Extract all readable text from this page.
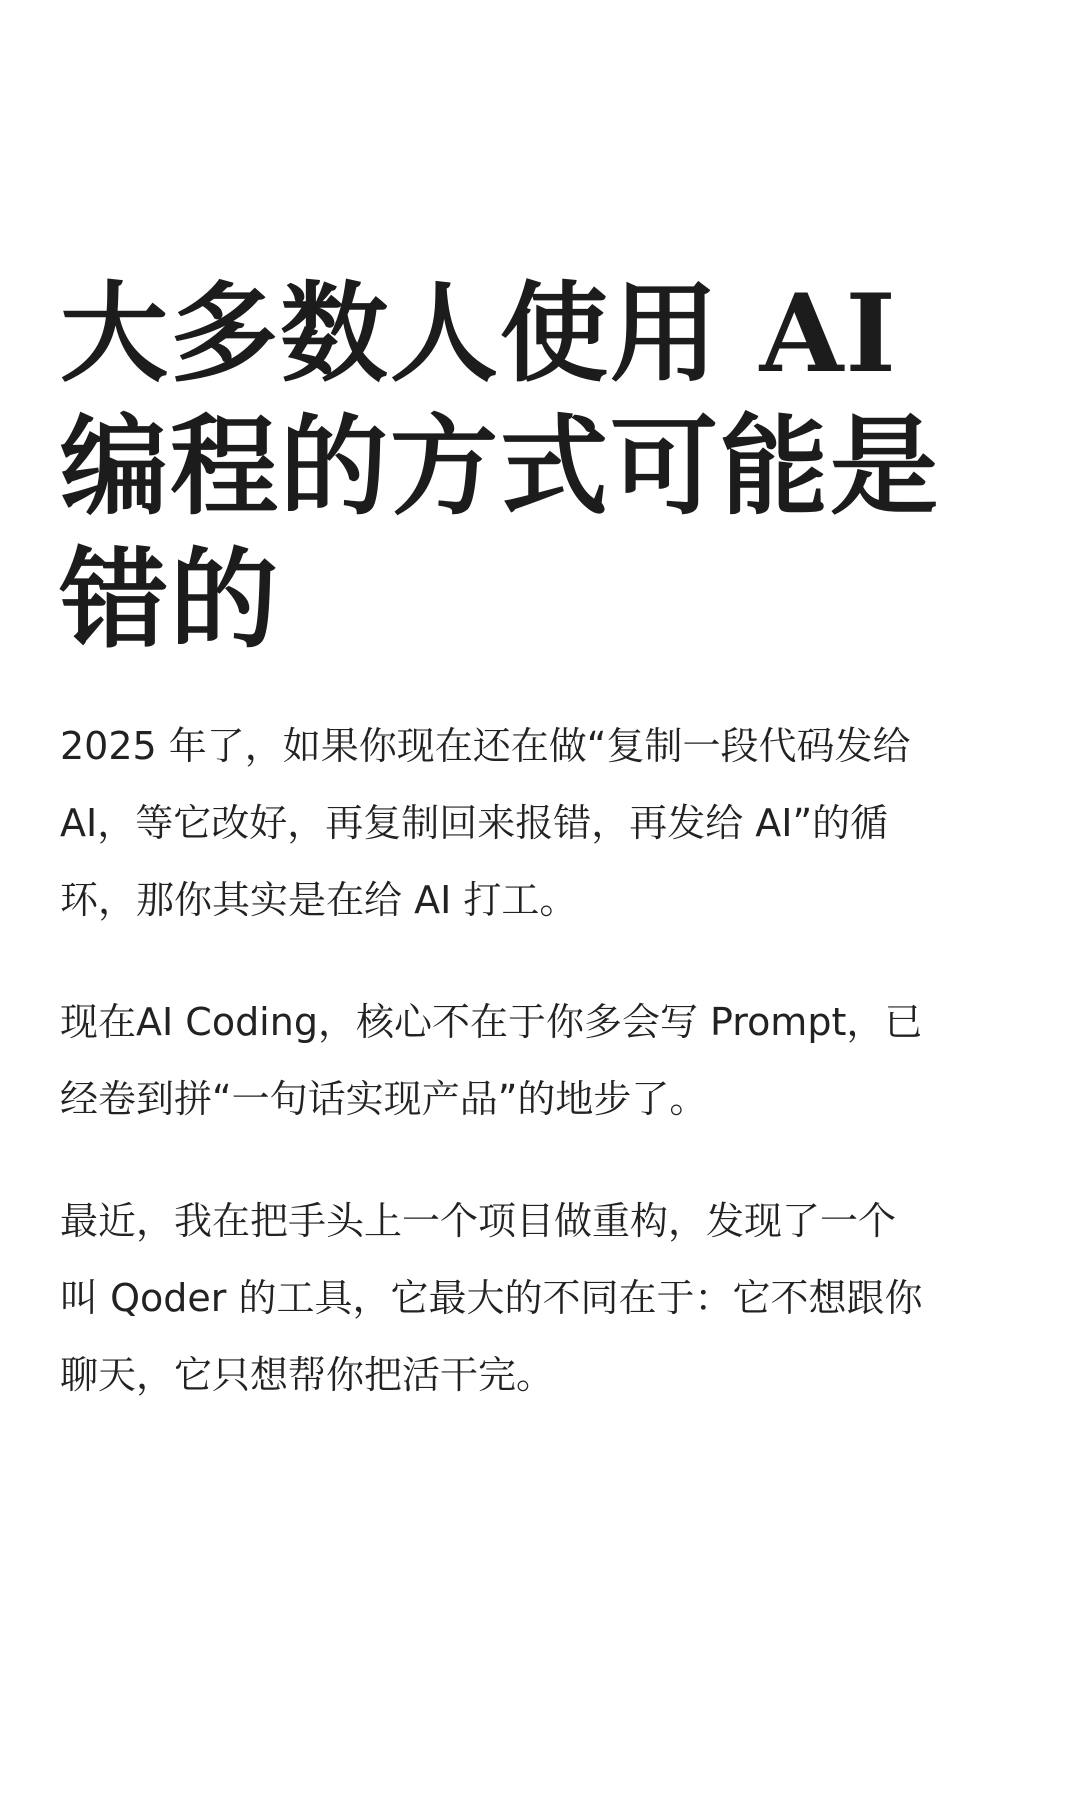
大多数人使用 AI
编程的方式可能是
错的

2025 年了，如果你现在还在做“复制一段代码发给
AI，等它改好，再复制回来报错，再发给 AI”的循
环，那你其实是在给 AI 打工。

现在AI Coding，核心不在于你多会写 Prompt，已
经卷到拼“一句话实现产品”的地步了。

最近，我在把手头上一个项目做重构，发现了一个
叫 Qoder 的工具，它最大的不同在于：它不想跟你
聊天，它只想帮你把活干完。
